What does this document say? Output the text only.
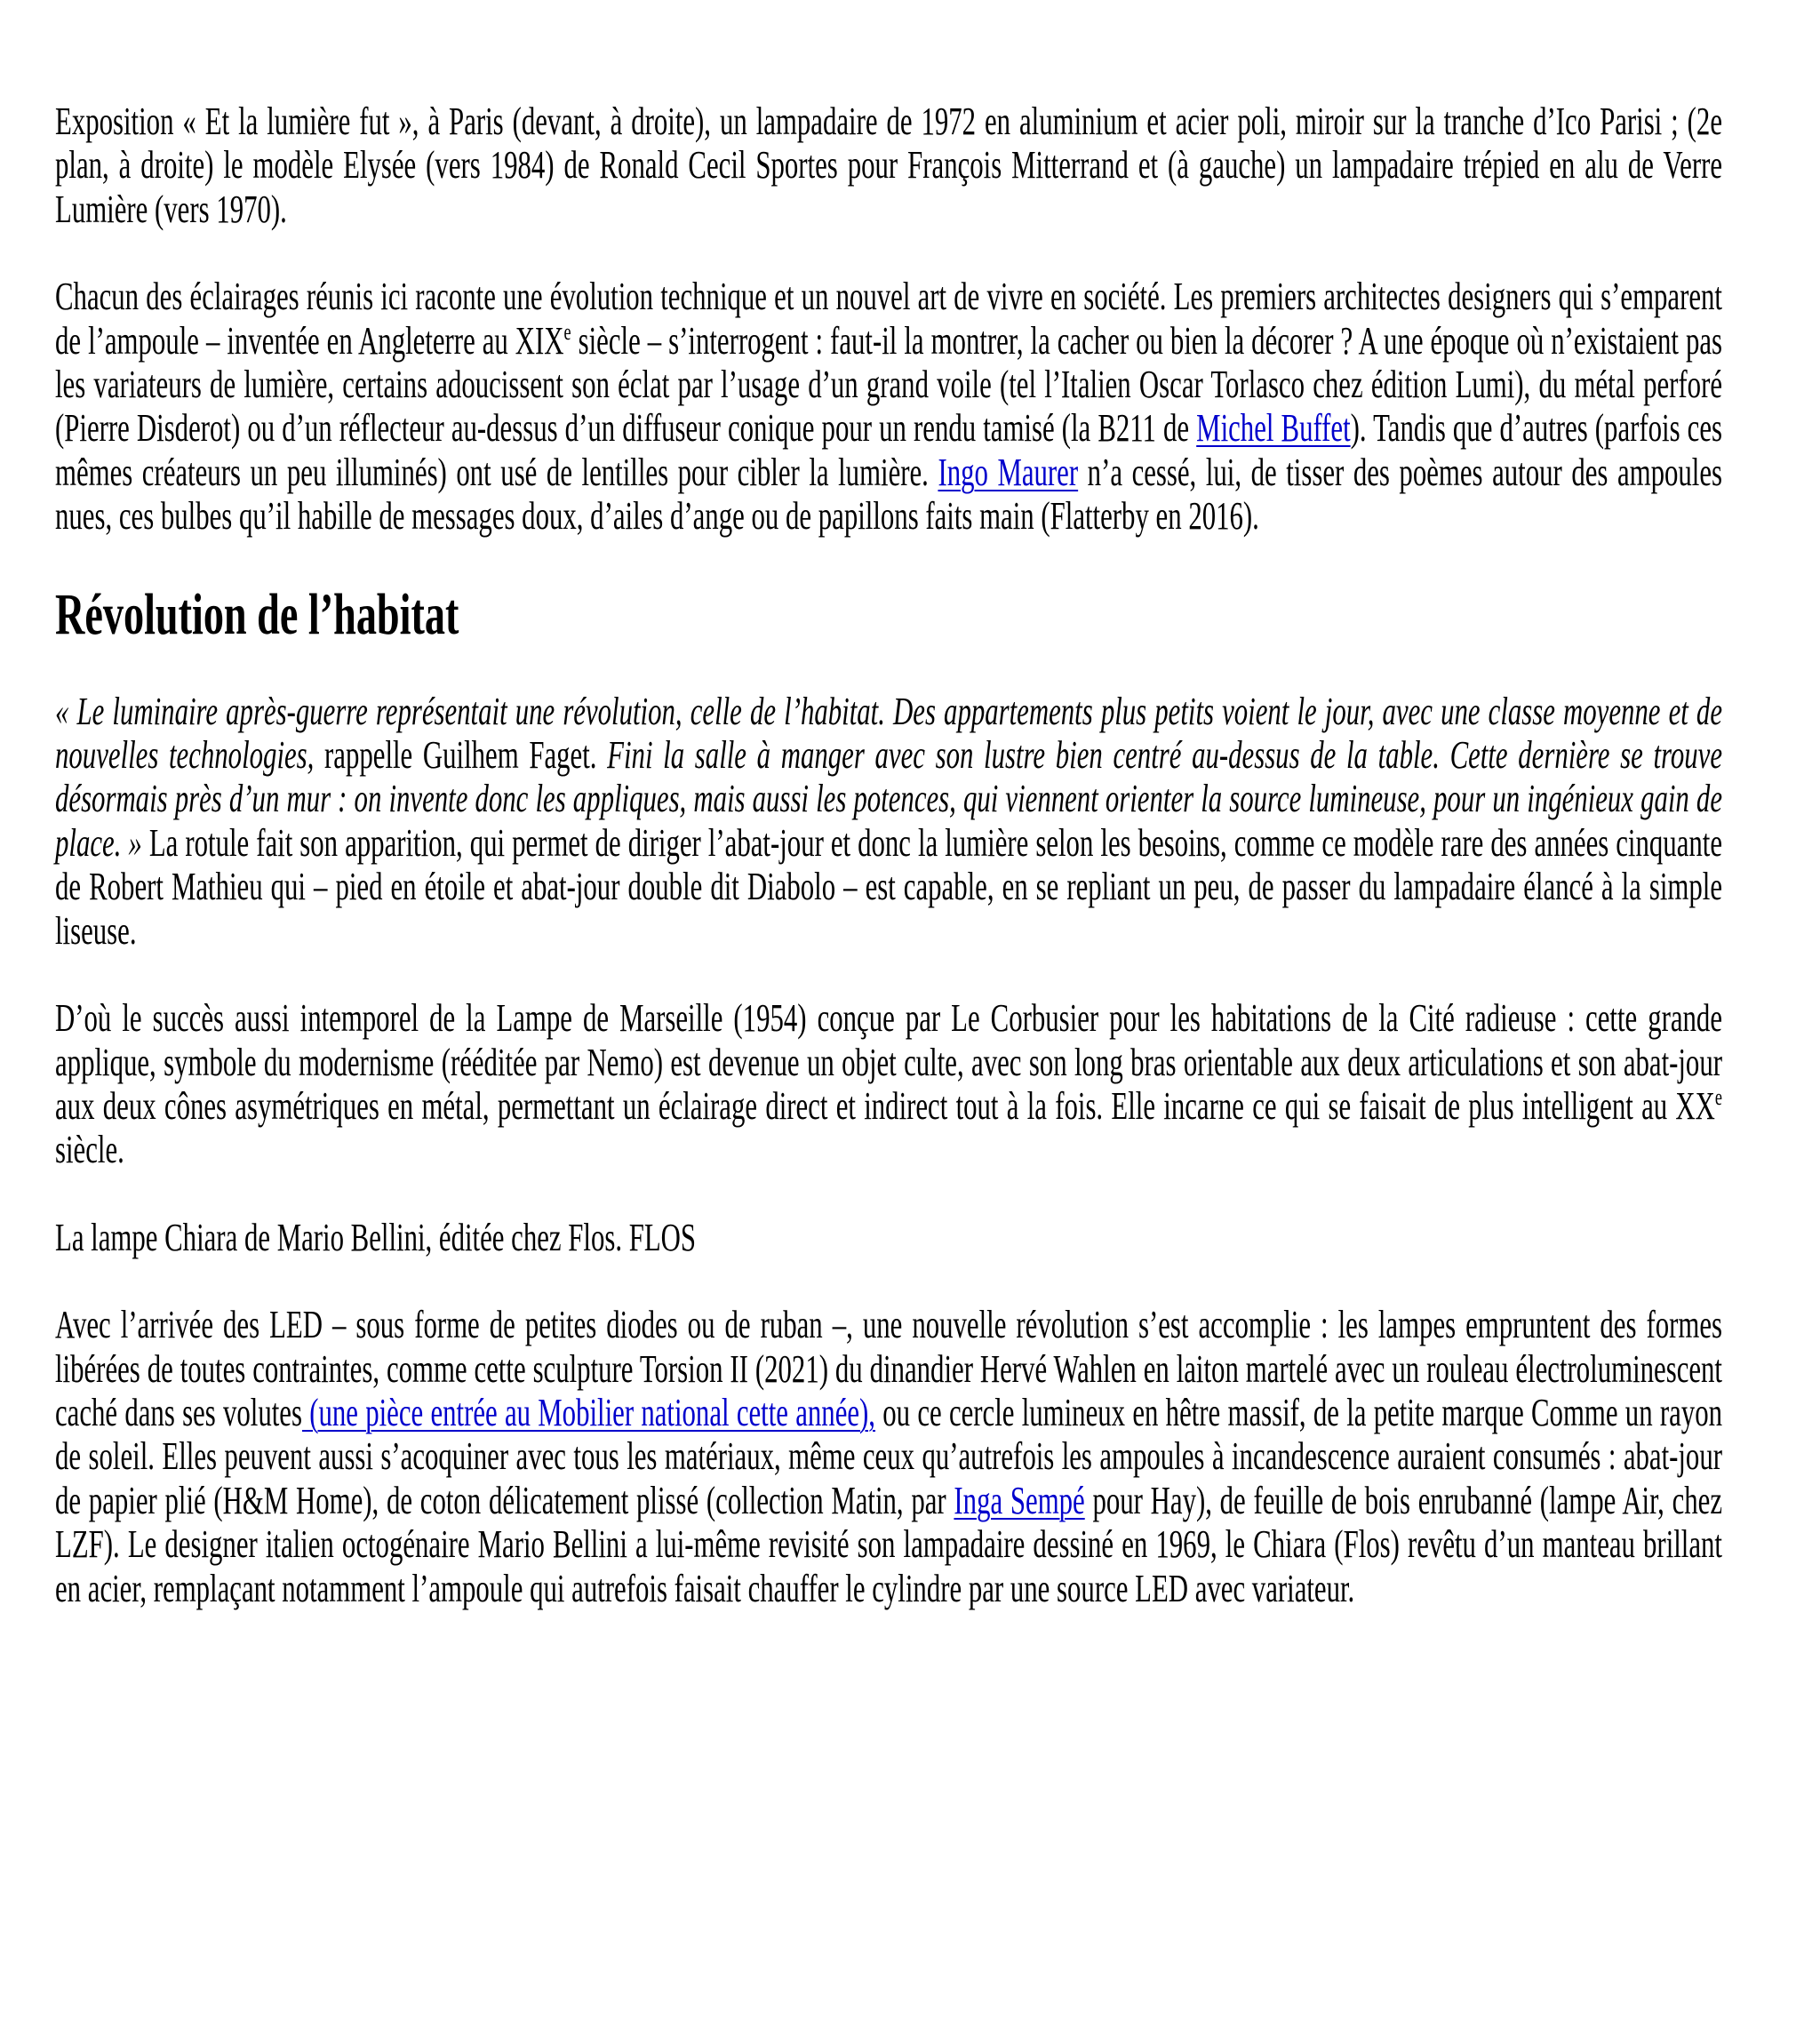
Exposition « Et la lumière fut », à Paris (devant, à droite), un lampadaire de 1972 en aluminium et acier poli, miroir sur la tranche d’Ico Parisi ; (2e plan, à droite) le modèle Elysée (vers 1984) de Ronald Cecil Sportes pour François Mitterrand et (à gauche) un lampadaire trépied en alu de Verre Lumière (vers 1970).

Chacun des éclairages réunis ici raconte une évolution technique et un nouvel art de vivre en société. Les premiers architectes designers qui s’emparent de l’ampoule – inventée en Angleterre au XIXe siècle – s’interrogent : faut-il la montrer, la cacher ou bien la décorer ? A une époque où n’existaient pas les variateurs de lumière, certains adoucissent son éclat par l’usage d’un grand voile (tel l’Italien Oscar Torlasco chez édition Lumi), du métal perforé (Pierre Disderot) ou d’un réflecteur au-dessus d’un diffuseur conique pour un rendu tamisé (la B211 de Michel Buffet). Tandis que d’autres (parfois ces mêmes créateurs un peu illuminés) ont usé de lentilles pour cibler la lumière. Ingo Maurer n’a cessé, lui, de tisser des poèmes autour des ampoules nues, ces bulbes qu’il habille de messages doux, d’ailes d’ange ou de papillons faits main (Flatterby en 2016).

Révolution de l’habitat

« Le luminaire après-guerre représentait une révolution, celle de l’habitat. Des appartements plus petits voient le jour, avec une classe moyenne et de nouvelles technologies, rappelle Guilhem Faget. Fini la salle à manger avec son lustre bien centré au-dessus de la table. Cette dernière se trouve désormais près d’un mur : on invente donc les appliques, mais aussi les potences, qui viennent orienter la source lumineuse, pour un ingénieux gain de place. » La rotule fait son apparition, qui permet de diriger l’abat-jour et donc la lumière selon les besoins, comme ce modèle rare des années cinquante de Robert Mathieu qui – pied en étoile et abat-jour double dit Diabolo – est capable, en se repliant un peu, de passer du lampadaire élancé à la simple liseuse.

D’où le succès aussi intemporel de la Lampe de Marseille (1954) conçue par Le Corbusier pour les habitations de la Cité radieuse : cette grande applique, symbole du modernisme (rééditée par Nemo) est devenue un objet culte, avec son long bras orientable aux deux articulations et son abat-jour aux deux cônes asymétriques en métal, permettant un éclairage direct et indirect tout à la fois. Elle incarne ce qui se faisait de plus intelligent au XXe siècle.

La lampe Chiara de Mario Bellini, éditée chez Flos. FLOS

Avec l’arrivée des LED – sous forme de petites diodes ou de ruban –, une nouvelle révolution s’est accomplie : les lampes empruntent des formes libérées de toutes contraintes, comme cette sculpture Torsion II (2021) du dinandier Hervé Wahlen en laiton martelé avec un rouleau électroluminescent caché dans ses volutes (une pièce entrée au Mobilier national cette année), ou ce cercle lumineux en hêtre massif, de la petite marque Comme un rayon de soleil. Elles peuvent aussi s’acoquiner avec tous les matériaux, même ceux qu’autrefois les ampoules à incandescence auraient consumés : abat-jour de papier plié (H&M Home), de coton délicatement plissé (collection Matin, par Inga Sempé pour Hay), de feuille de bois enrubanné (lampe Air, chez LZF). Le designer italien octogénaire Mario Bellini a lui-même revisité son lampadaire dessiné en 1969, le Chiara (Flos) revêtu d’un manteau brillant en acier, remplaçant notamment l’ampoule qui autrefois faisait chauffer le cylindre par une source LED avec variateur.
